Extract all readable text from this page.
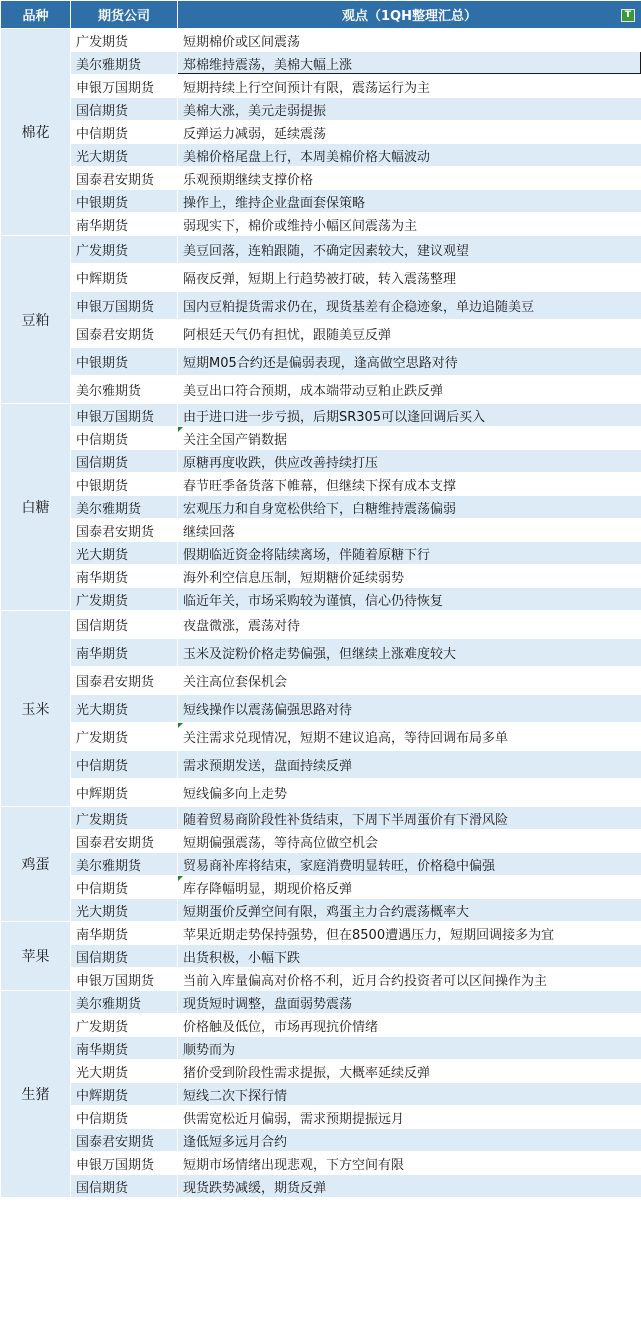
品种	期货公司	观点（1QH整理汇总） T

棉花	广发期货	短期棉价或区间震荡
	美尔雅期货	郑棉维持震荡，美棉大幅上涨
	申银万国期货	短期持续上行空间预计有限，震荡运行为主
	国信期货	美棉大涨，美元走弱提振
	中信期货	反弹运力减弱，延续震荡
	光大期货	美棉价格尾盘上行，本周美棉价格大幅波动
	国泰君安期货	乐观预期继续支撑价格
	中银期货	操作上，维持企业盘面套保策略
	南华期货	弱现实下，棉价或维持小幅区间震荡为主
豆粕	广发期货	美豆回落，连粕跟随，不确定因素较大，建议观望
	中辉期货	隔夜反弹，短期上行趋势被打破，转入震荡整理
	申银万国期货	国内豆粕提货需求仍在，现货基差有企稳迹象，单边追随美豆
	国泰君安期货	阿根廷天气仍有担忧，跟随美豆反弹
	中银期货	短期M05合约还是偏弱表现，逢高做空思路对待
	美尔雅期货	美豆出口符合预期，成本端带动豆粕止跌反弹
白糖	申银万国期货	由于进口进一步亏损，后期SR305可以逢回调后买入
	中信期货	关注全国产销数据
	国信期货	原糖再度收跌，供应改善持续打压
	中银期货	春节旺季备货落下帷幕，但继续下探有成本支撑
	美尔雅期货	宏观压力和自身宽松供给下，白糖维持震荡偏弱
	国泰君安期货	继续回落
	光大期货	假期临近资金将陆续离场，伴随着原糖下行
	南华期货	海外利空信息压制，短期糖价延续弱势
	广发期货	临近年关，市场采购较为谨慎，信心仍待恢复
玉米	国信期货	夜盘微涨，震荡对待
	南华期货	玉米及淀粉价格走势偏强，但继续上涨难度较大
	国泰君安期货	关注高位套保机会
	光大期货	短线操作以震荡偏强思路对待
	广发期货	关注需求兑现情况，短期不建议追高，等待回调布局多单
	中信期货	需求预期发送，盘面持续反弹
	中辉期货	短线偏多向上走势
鸡蛋	广发期货	随着贸易商阶段性补货结束，下周下半周蛋价有下滑风险
	国泰君安期货	短期偏强震荡，等待高位做空机会
	美尔雅期货	贸易商补库将结束，家庭消费明显转旺，价格稳中偏强
	中信期货	库存降幅明显，期现价格反弹
	光大期货	短期蛋价反弹空间有限，鸡蛋主力合约震荡概率大
苹果	南华期货	苹果近期走势保持强势，但在8500遭遇压力，短期回调接多为宜
	国信期货	出货积极，小幅下跌
	申银万国期货	当前入库量偏高对价格不利，近月合约投资者可以区间操作为主
生猪	美尔雅期货	现货短时调整，盘面弱势震荡
	广发期货	价格触及低位，市场再现抗价情绪
	南华期货	顺势而为
	光大期货	猪价受到阶段性需求提振，大概率延续反弹
	中辉期货	短线二次下探行情
	中信期货	供需宽松近月偏弱，需求预期提振远月
	国泰君安期货	逢低短多远月合约
	申银万国期货	短期市场情绪出现悲观，下方空间有限
	国信期货	现货跌势减缓，期货反弹
